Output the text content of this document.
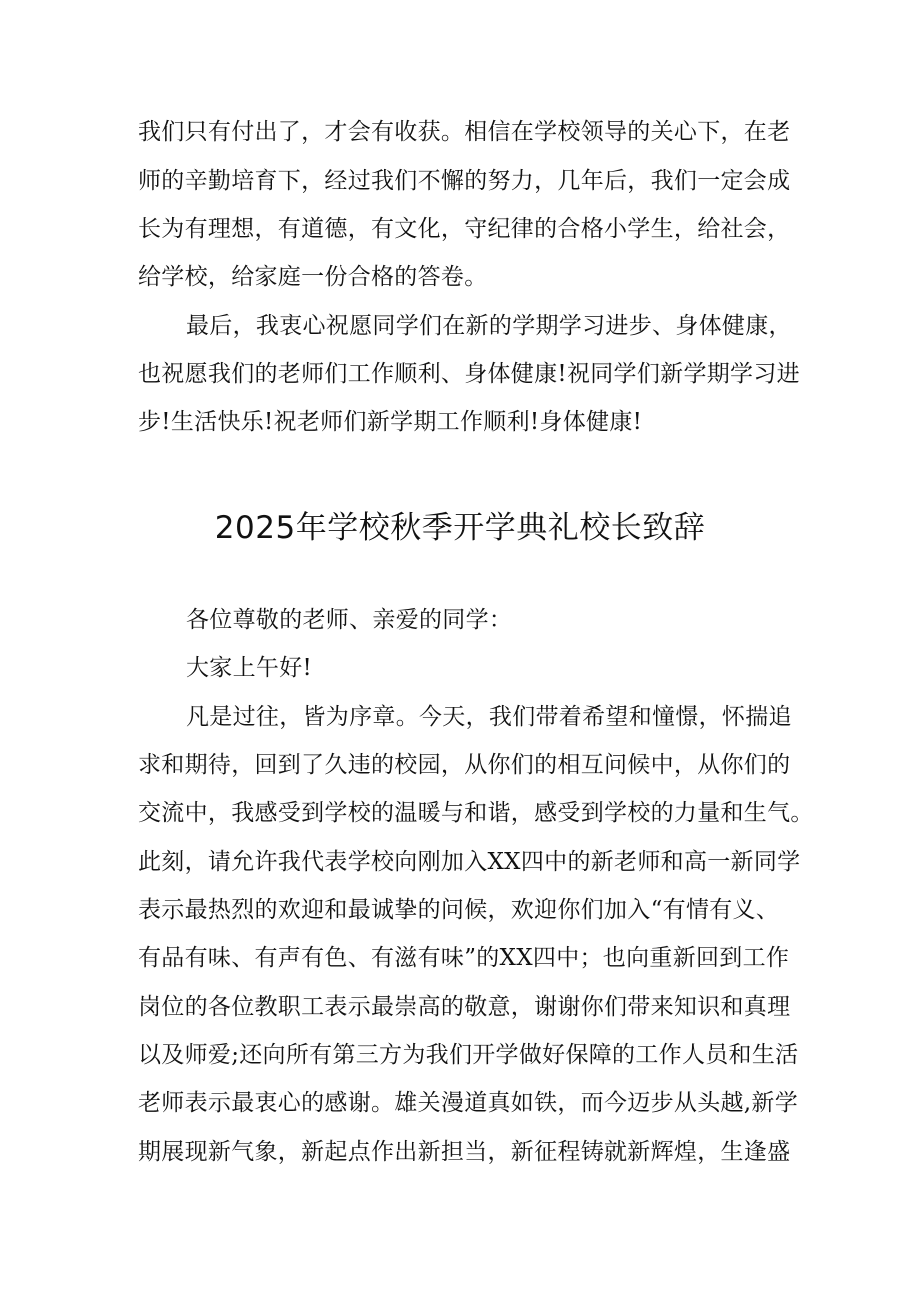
我们只有付出了，才会有收获。相信在学校领导的关心下，在老
师的辛勤培育下，经过我们不懈的努力，几年后，我们一定会成
长为有理想，有道德，有文化，守纪律的合格小学生，给社会，
给学校，给家庭一份合格的答卷。
最后，我衷心祝愿同学们在新的学期学习进步、身体健康，
也祝愿我们的老师们工作顺利、身体健康!祝同学们新学期学习进
步!生活快乐!祝老师们新学期工作顺利!身体健康!
2025年学校秋季开学典礼校长致辞
各位尊敬的老师、亲爱的同学：
大家上午好!
凡是过往，皆为序章。今天，我们带着希望和憧憬，怀揣追
求和期待，回到了久违的校园，从你们的相互问候中，从你们的
交流中，我感受到学校的温暖与和谐，感受到学校的力量和生气。
此刻，请允许我代表学校向刚加入XX四中的新老师和高一新同学
表示最热烈的欢迎和最诚挚的问候，欢迎你们加入“有情有义、
有品有味、有声有色、有滋有味”的XX四中；也向重新回到工作
岗位的各位教职工表示最崇高的敬意，谢谢你们带来知识和真理
以及师爱;还向所有第三方为我们开学做好保障的工作人员和生活
老师表示最衷心的感谢。雄关漫道真如铁，而今迈步从头越,新学
期展现新气象，新起点作出新担当，新征程铸就新辉煌，生逢盛
